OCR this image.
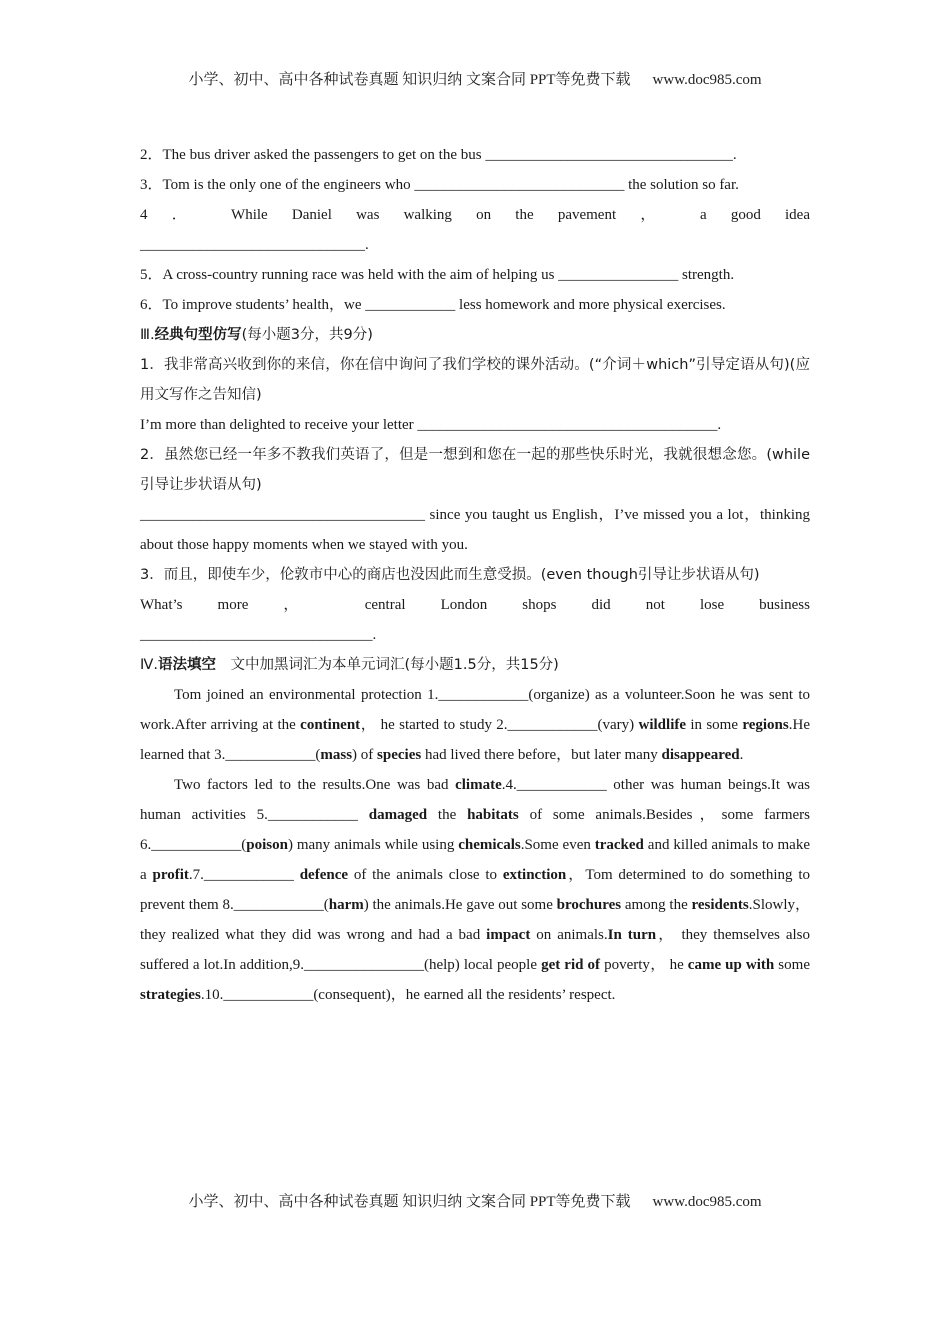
小学、初中、高中各种试卷真题 知识归纳 文案合同 PPT等免费下载 www.doc985.com
2．The bus driver asked the passengers to get on the bus _________________________________.
3．Tom is the only one of the engineers who ____________________________ the solution so far.
4 ． While Daniel was walking on the pavement ， a good idea
______________________________.
5．A cross-country running race was held with the aim of helping us ________________ strength.
6．To improve students’ health，we ____________ less homework and more physical exercises.
Ⅲ.经典句型仿写(每小题3分，共9分)
1．我非常高兴收到你的来信，你在信中询问了我们学校的课外活动。(“介词＋which”引导定语从句)(应用文写作之告知信)
I’m more than delighted to receive your letter ________________________________________.
2．虽然您已经一年多不教我们英语了，但是一想到和您在一起的那些快乐时光，我就很想念您。(while引导让步状语从句)
______________________________________ since you taught us English，I’ve missed you a lot，thinking about those happy moments when we stayed with you.
3．而且，即使车少，伦敦市中心的商店也没因此而生意受损。(even though引导让步状语从句)
What’s more ， central London shops did not lose business
_______________________________.
Ⅳ.语法填空　文中加黑词汇为本单元词汇(每小题1.5分，共15分)
Tom joined an environmental protection 1.____________(organize) as a volunteer.Soon he was sent to work.After arriving at the continent， he started to study 2.____________(vary) wildlife in some regions.He learned that 3.____________(mass) of species had lived there before，but later many disappeared.
Two factors led to the results.One was bad climate.4.____________ other was human beings.It was human activities 5.____________ damaged the habitats of some animals.Besides，some farmers 6.____________(poison) many animals while using chemicals.Some even tracked and killed animals to make a profit.7.____________ defence of the animals close to extinction，Tom determined to do something to prevent them 8.____________(harm) the animals.He gave out some brochures among the residents.Slowly，they realized what they did was wrong and had a bad impact on animals.In turn， they themselves also suffered a lot.In addition,9.________________(help) local people get rid of poverty， he came up with some strategies.10.____________(consequent)，he earned all the residents’ respect.
小学、初中、高中各种试卷真题 知识归纳 文案合同 PPT等免费下载 www.doc985.com
